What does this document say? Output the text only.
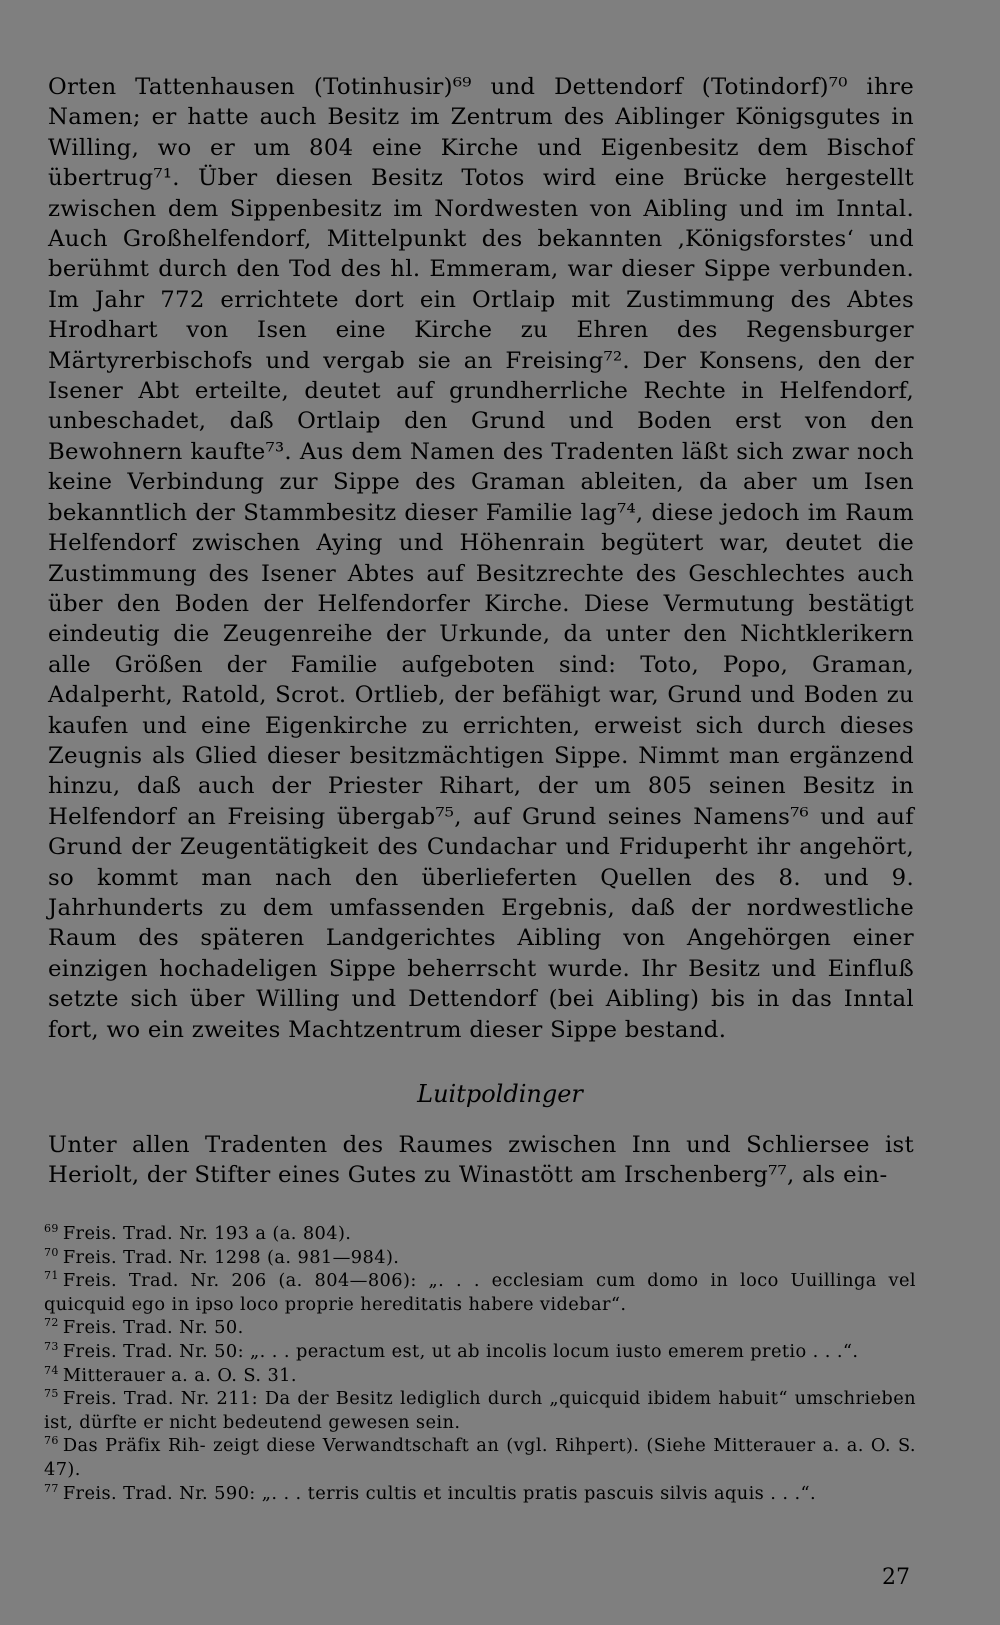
Orten Tattenhausen (Totinhusir)⁶⁹ und Dettendorf (Totindorf)⁷⁰ ihre Namen; er hatte auch Besitz im Zentrum des Aiblinger Königsgutes in Willing, wo er um 804 eine Kirche und Eigenbesitz dem Bischof übertrug⁷¹. Über diesen Besitz Totos wird eine Brücke hergestellt zwischen dem Sippenbesitz im Nordwesten von Aibling und im Inntal. Auch Großhelfendorf, Mittelpunkt des bekannten ‚Königsforstes‘ und berühmt durch den Tod des hl. Emmeram, war dieser Sippe verbunden. Im Jahr 772 errichtete dort ein Ortlaip mit Zustimmung des Abtes Hrodhart von Isen eine Kirche zu Ehren des Regensburger Märtyrerbischofs und vergab sie an Freising⁷². Der Konsens, den der Isener Abt erteilte, deutet auf grundherrliche Rechte in Helfendorf, unbeschadet, daß Ortlaip den Grund und Boden erst von den Bewohnern kaufte⁷³. Aus dem Namen des Tradenten läßt sich zwar noch keine Verbindung zur Sippe des Graman ableiten, da aber um Isen bekanntlich der Stammbesitz dieser Familie lag⁷⁴, diese jedoch im Raum Helfendorf zwischen Aying und Höhenrain begütert war, deutet die Zustimmung des Isener Abtes auf Besitzrechte des Geschlechtes auch über den Boden der Helfendorfer Kirche. Diese Vermutung bestätigt eindeutig die Zeugenreihe der Urkunde, da unter den Nichtklerikern alle Größen der Familie aufgeboten sind: Toto, Popo, Graman, Adalperht, Ratold, Scrot. Ortlieb, der befähigt war, Grund und Boden zu kaufen und eine Eigenkirche zu errichten, erweist sich durch dieses Zeugnis als Glied dieser besitzmächtigen Sippe. Nimmt man ergänzend hinzu, daß auch der Priester Rihart, der um 805 seinen Besitz in Helfendorf an Freising übergab⁷⁵, auf Grund seines Namens⁷⁶ und auf Grund der Zeugentätigkeit des Cundachar und Friduperht ihr angehört, so kommt man nach den überlieferten Quellen des 8. und 9. Jahrhunderts zu dem umfassenden Ergebnis, daß der nordwestliche Raum des späteren Landgerichtes Aibling von Angehörgen einer einzigen hochadeligen Sippe beherrscht wurde. Ihr Besitz und Einfluß setzte sich über Willing und Dettendorf (bei Aibling) bis in das Inntal fort, wo ein zweites Machtzentrum dieser Sippe bestand.

Luitpoldinger
Unter allen Tradenten des Raumes zwischen Inn und Schliersee ist Heriolt, der Stifter eines Gutes zu Winastött am Irschenberg⁷⁷, als ein-

$^{69}$ Freis. Trad. Nr. 193 a (a. 804).

$^{70}$ Freis. Trad. Nr. 1298 (a. 981—984).

$^{71}$ Freis. Trad. Nr. 206 (a. 804—806): „. . . ecclesiam cum domo in loco Uuillinga vel quicquid ego in ipso loco proprie hereditatis habere videbar“.

$^{72}$ Freis. Trad. Nr. 50.

$^{73}$ Freis. Trad. Nr. 50: „. . . peractum est, ut ab incolis locum iusto emerem pretio . . .“.

$^{74}$ Mitterauer a. a. O. S. 31.

$^{75}$ Freis. Trad. Nr. 211: Da der Besitz lediglich durch „quicquid ibidem habuit“ umschrieben ist, dürfte er nicht bedeutend gewesen sein.

$^{76}$ Das Präfix Rih- zeigt diese Verwandtschaft an (vgl. Rihpert). (Siehe Mitterauer a. a. O. S. 47).

$^{77}$ Freis. Trad. Nr. 590: „. . . terris cultis et incultis pratis pascuis silvis aquis . . .“.

27
